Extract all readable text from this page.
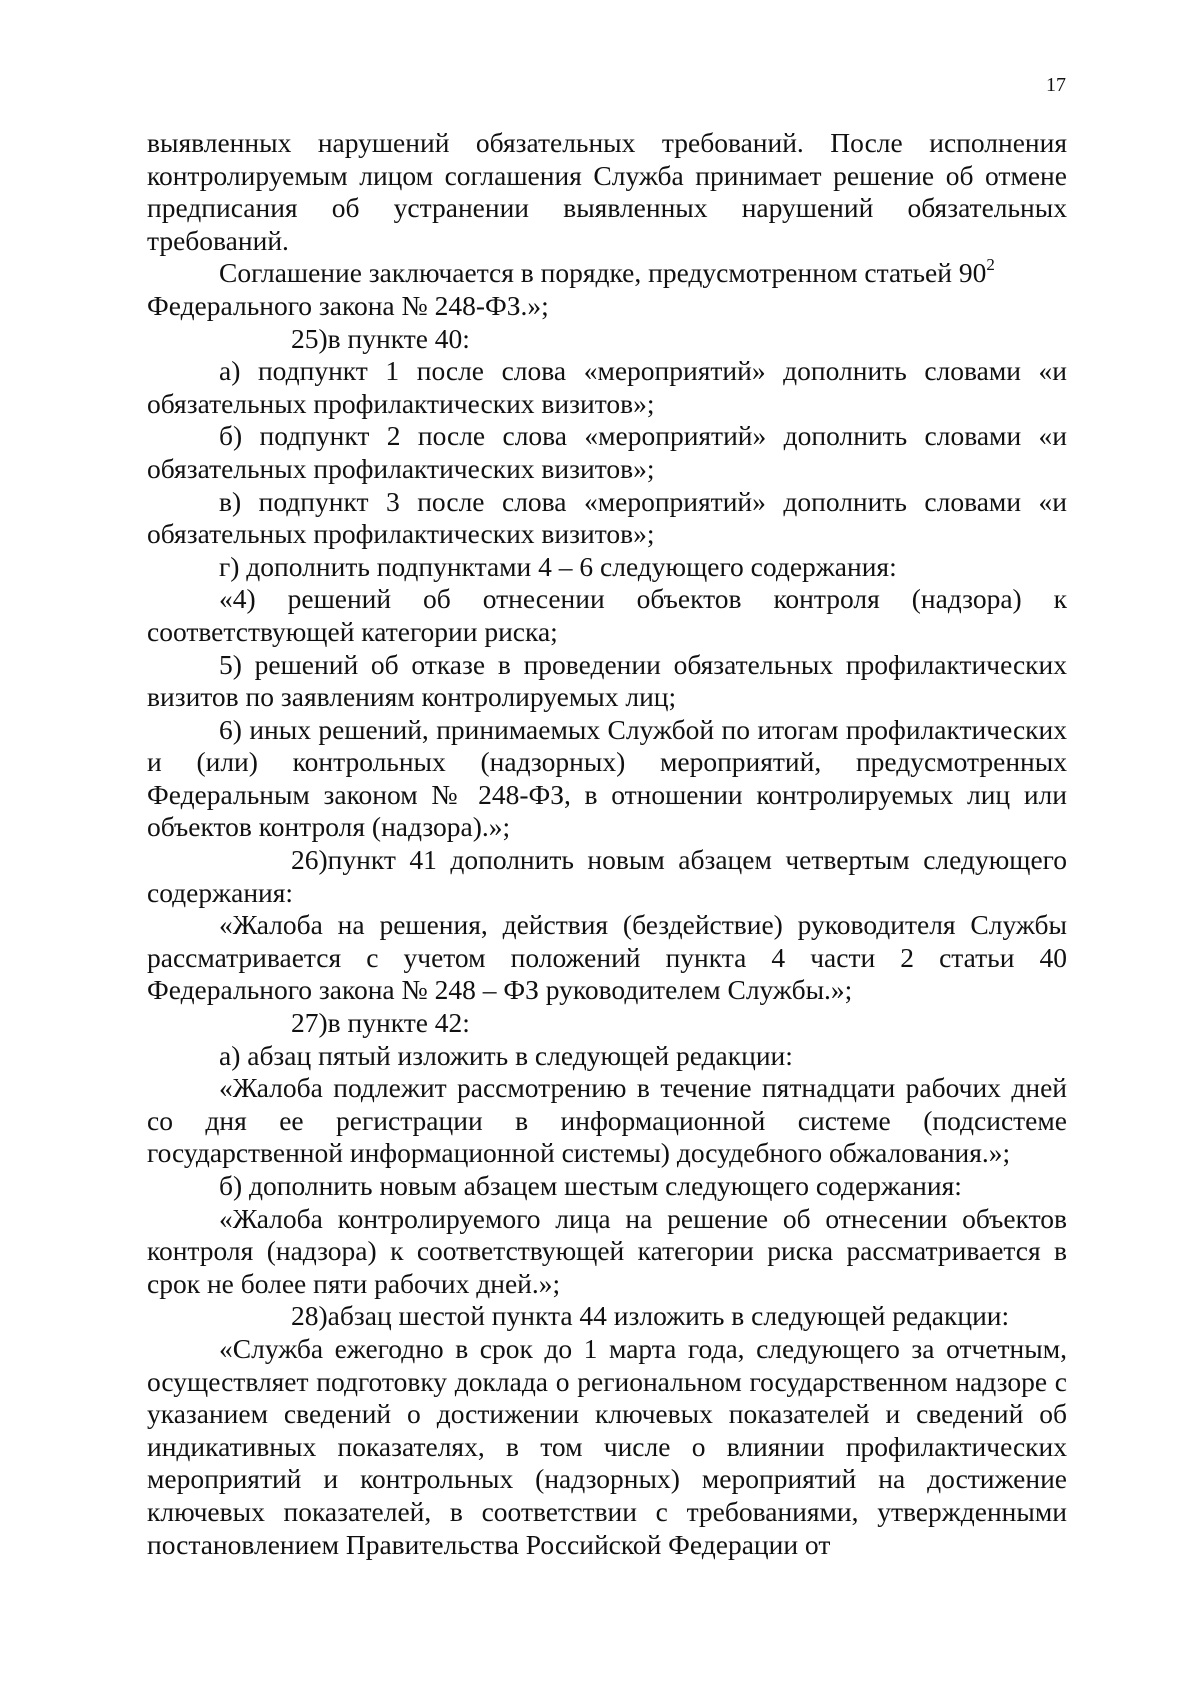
17

выявленных нарушений обязательных требований. После исполнения контролируемым лицом соглашения Служба принимает решение об отмене предписания об устранении выявленных нарушений обязательных требований.

Соглашение заключается в порядке, предусмотренном статьей $90^2$

Федерального закона № 248-ФЗ.»;

25)в пункте 40:

а) подпункт 1 после слова «мероприятий» дополнить словами «и обязательных профилактических визитов»;

б) подпункт 2 после слова «мероприятий» дополнить словами «и обязательных профилактических визитов»;

в) подпункт 3 после слова «мероприятий» дополнить словами «и обязательных профилактических визитов»;

г) дополнить подпунктами 4 – 6 следующего содержания:

«4) решений об отнесении объектов контроля (надзора) к соответствующей категории риска;

5) решений об отказе в проведении обязательных профилактических визитов по заявлениям контролируемых лиц;

6) иных решений, принимаемых Службой по итогам профилактических и (или) контрольных (надзорных) мероприятий, предусмотренных Федеральным законом № 248-ФЗ, в отношении контролируемых лиц или объектов контроля (надзора).»;

26)пункт 41 дополнить новым абзацем четвертым следующего содержания:

«Жалоба на решения, действия (бездействие) руководителя Службы рассматривается с учетом положений пункта 4 части 2 статьи 40 Федерального закона № 248 – ФЗ руководителем Службы.»;

27)в пункте 42:

а) абзац пятый изложить в следующей редакции:

«Жалоба подлежит рассмотрению в течение пятнадцати рабочих дней со дня ее регистрации в информационной системе (подсистеме государственной информационной системы) досудебного обжалования.»;

б) дополнить новым абзацем шестым следующего содержания:

«Жалоба контролируемого лица на решение об отнесении объектов контроля (надзора) к соответствующей категории риска рассматривается в срок не более пяти рабочих дней.»;

28)абзац шестой пункта 44 изложить в следующей редакции:

«Служба ежегодно в срок до 1 марта года, следующего за отчетным, осуществляет подготовку доклада о региональном государственном надзоре с указанием сведений о достижении ключевых показателей и сведений об индикативных показателях, в том числе о влиянии профилактических мероприятий и контрольных (надзорных) мероприятий на достижение ключевых показателей, в соответствии с требованиями, утвержденными постановлением Правительства Российской Федерации от
